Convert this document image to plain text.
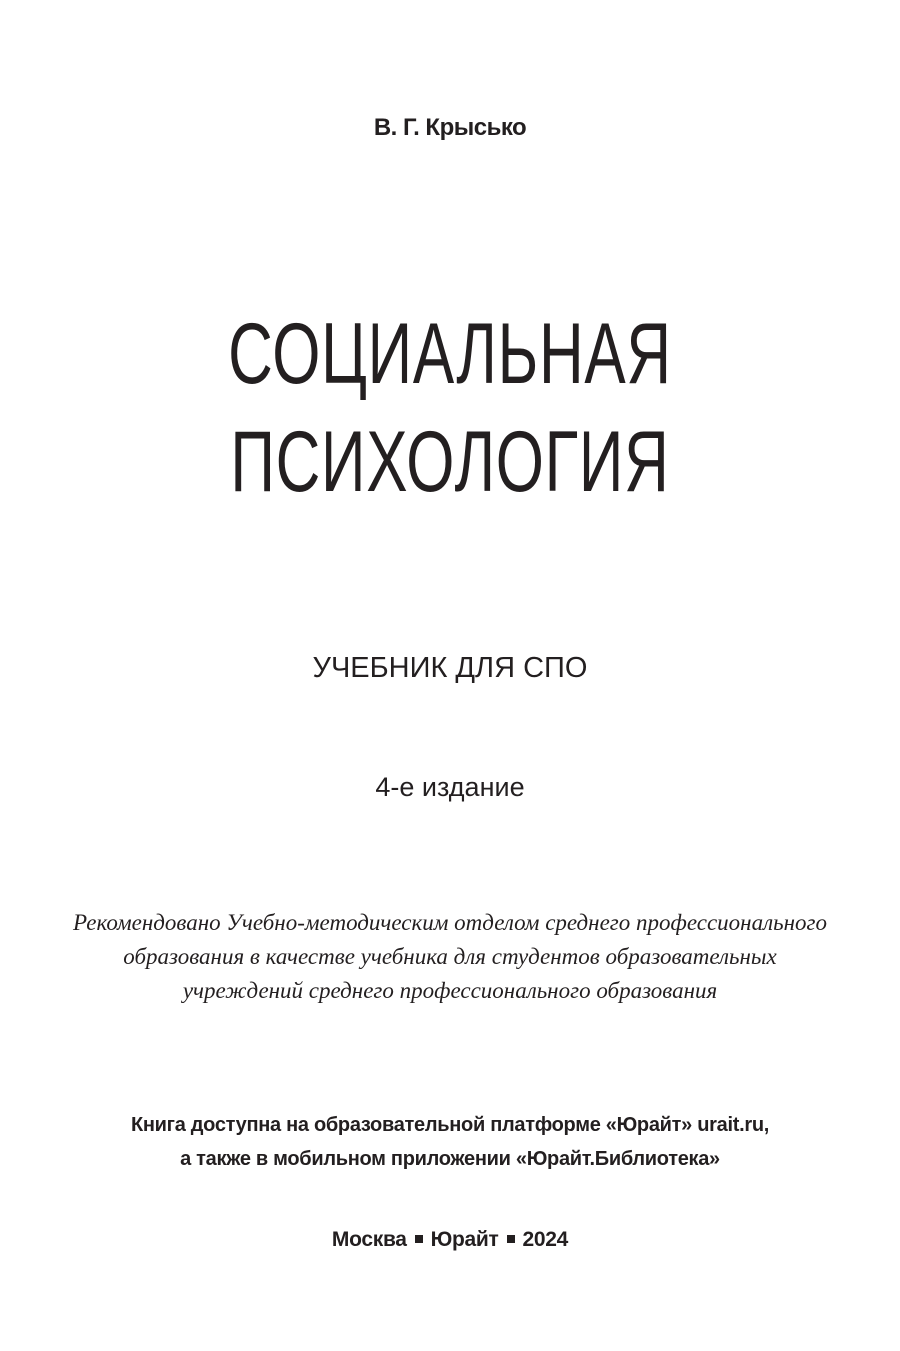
В. Г. Крысько
СОЦИАЛЬНАЯ
ПСИХОЛОГИЯ
УЧЕБНИК ДЛЯ СПО
4-е издание
Рекомендовано Учебно-методическим отделом среднего профессионального
образования в качестве учебника для студентов образовательных
учреждений среднего профессионального образования
Книга доступна на образовательной платформе «Юрайт» urait.ru,
а также в мобильном приложении «Юрайт.Библиотека»
Москва Юрайт 2024
